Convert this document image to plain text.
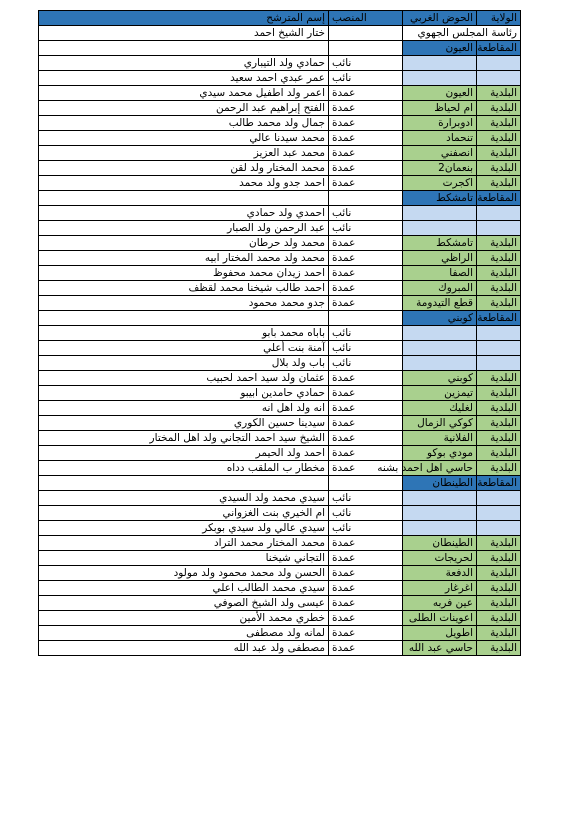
الولاية	الحوض الغربي	المنصب	إسم المترشح
رئاسة المجلس الجهوي			ختار الشيخ احمد
المقاطعة	العيون		
		نائب	حمادي ولد التيباري
		نائب	عمر عبدي احمد سعيد
البلدية	العيون	عمدة	اعمر ولد اطفيل محمد سيدي
البلدية	ام لحياظ	عمدة	الفتح إبراهيم عبد الرحمن
البلدية	ادوبرارة	عمدة	جمال ولد محمد طالب
البلدية	تنحماد	عمدة	محمد سيدنا عالي
البلدية	انصفني	عمدة	محمد عبد العزيز
البلدية	بنعمان2	عمدة	محمد المختار ولد لقن
البلدية	اكجرت	عمدة	احمد جدو ولد محمد
المقاطعة	تامشكط		
		نائب	احمدي ولد حمادي
		نائب	عبد الرحمن ولد الصبار
البلدية	تامشكط	عمدة	محمد ولد حرطان
البلدية	الراظي	عمدة	محمد ولد محمد المختار ابيه
البلدية	الصفا	عمدة	احمد زيدان محمد محفوظ
البلدية	المبروك	عمدة	احمد طالب شيخنا محمد لقظف
البلدية	قطع التيدومة	عمدة	جدو محمد محمود
المقاطعة	كوبني		
		نائب	باباه محمد بابو
		نائب	آمنة بنت أعلي
		نائب	باب ولد بلال
البلدية	كوبني	عمدة	عثمان ولد سيد احمد لحبيب
البلدية	تيمزين	عمدة	حمادي حامدين ابيبو
البلدية	لغليك	عمدة	انه ولد اهل انه
البلدية	كوكي الزمال	عمدة	سيدينا حسين الكوري
البلدية	الفلانية	عمدة	الشيخ سيد احمد التجاني ولد اهل المختار
البلدية	مودي بوكو	عمدة	احمد ولد الحيمر
البلدية	حاسي اهل احمد بشنه	عمدة	مخطار ب الملقب دداه
المقاطعة	الطينطان		
		نائب	سيدي محمد ولد السيدي
		نائب	ام الخيري بنت الغزواني
		نائب	سيدي عالي ولد سيدي بوبكر
البلدية	الطينطان	عمدة	محمد المختار محمد التراد
البلدية	لحريجات	عمدة	التجاني شيخنا
البلدية	الدفعة	عمدة	الحسن ولد محمد محمود ولد مولود
البلدية	اغرغار	عمدة	سيدي محمد الطالب اعلي
البلدية	عين فربه	عمدة	عيسى ولد الشيخ الصوفي
البلدية	اعوينات الطلى	عمدة	خطري محمد الأمين
البلدية	اطويل	عمدة	لمانه ولد مصطفى
البلدية	حاسي عبد الله	عمدة	مصطفى ولد عبد الله
